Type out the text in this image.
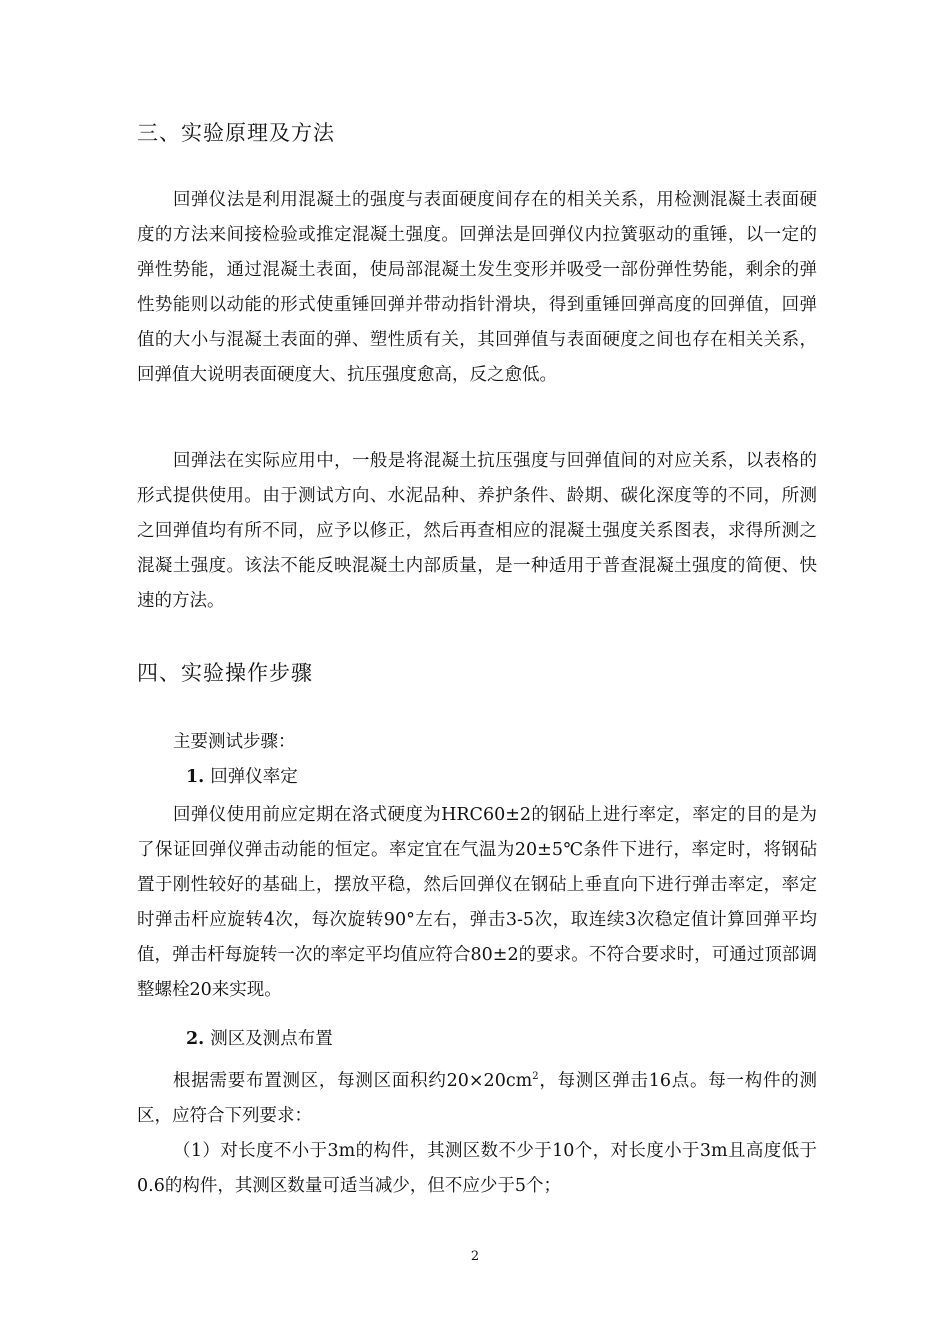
三、实验原理及方法

回弹仪法是利用混凝土的强度与表面硬度间存在的相关关系，用检测混凝土表面硬度的方法来间接检验或推定混凝土强度。回弹法是回弹仪内拉簧驱动的重锤，以一定的弹性势能，通过混凝土表面，使局部混凝土发生变形并吸受一部份弹性势能，剩余的弹性势能则以动能的形式使重锤回弹并带动指针滑块，得到重锤回弹高度的回弹值，回弹值的大小与混凝土表面的弹、塑性质有关，其回弹值与表面硬度之间也存在相关关系，回弹值大说明表面硬度大、抗压强度愈高，反之愈低。

回弹法在实际应用中，一般是将混凝土抗压强度与回弹值间的对应关系，以表格的形式提供使用。由于测试方向、水泥品种、养护条件、龄期、碳化深度等的不同，所测之回弹值均有所不同，应予以修正，然后再查相应的混凝土强度关系图表，求得所测之混凝土强度。该法不能反映混凝土内部质量，是一种适用于普查混凝土强度的简便、快速的方法。

四、实验操作步骤
主要测试步骤：
1. 回弹仪率定

回弹仪使用前应定期在洛式硬度为HRC60±2的钢砧上进行率定，率定的目的是为了保证回弹仪弹击动能的恒定。率定宜在气温为20±5℃条件下进行，率定时，将钢砧置于刚性较好的基础上，摆放平稳，然后回弹仪在钢砧上垂直向下进行弹击率定，率定时弹击杆应旋转4次，每次旋转90°左右，弹击3-5次，取连续3次稳定值计算回弹平均值，弹击杆每旋转一次的率定平均值应符合80±2的要求。不符合要求时，可通过顶部调整螺栓20来实现。

2. 测区及测点布置

根据需要布置测区，每测区面积约$20\times 20cm^2$，每测区弹击16点。每一构件的测区，应符合下列要求：

（1）对长度不小于3m的构件，其测区数不少于10个，对长度小于3m且高度低于0.6的构件，其测区数量可适当减少，但不应少于5个；

2
